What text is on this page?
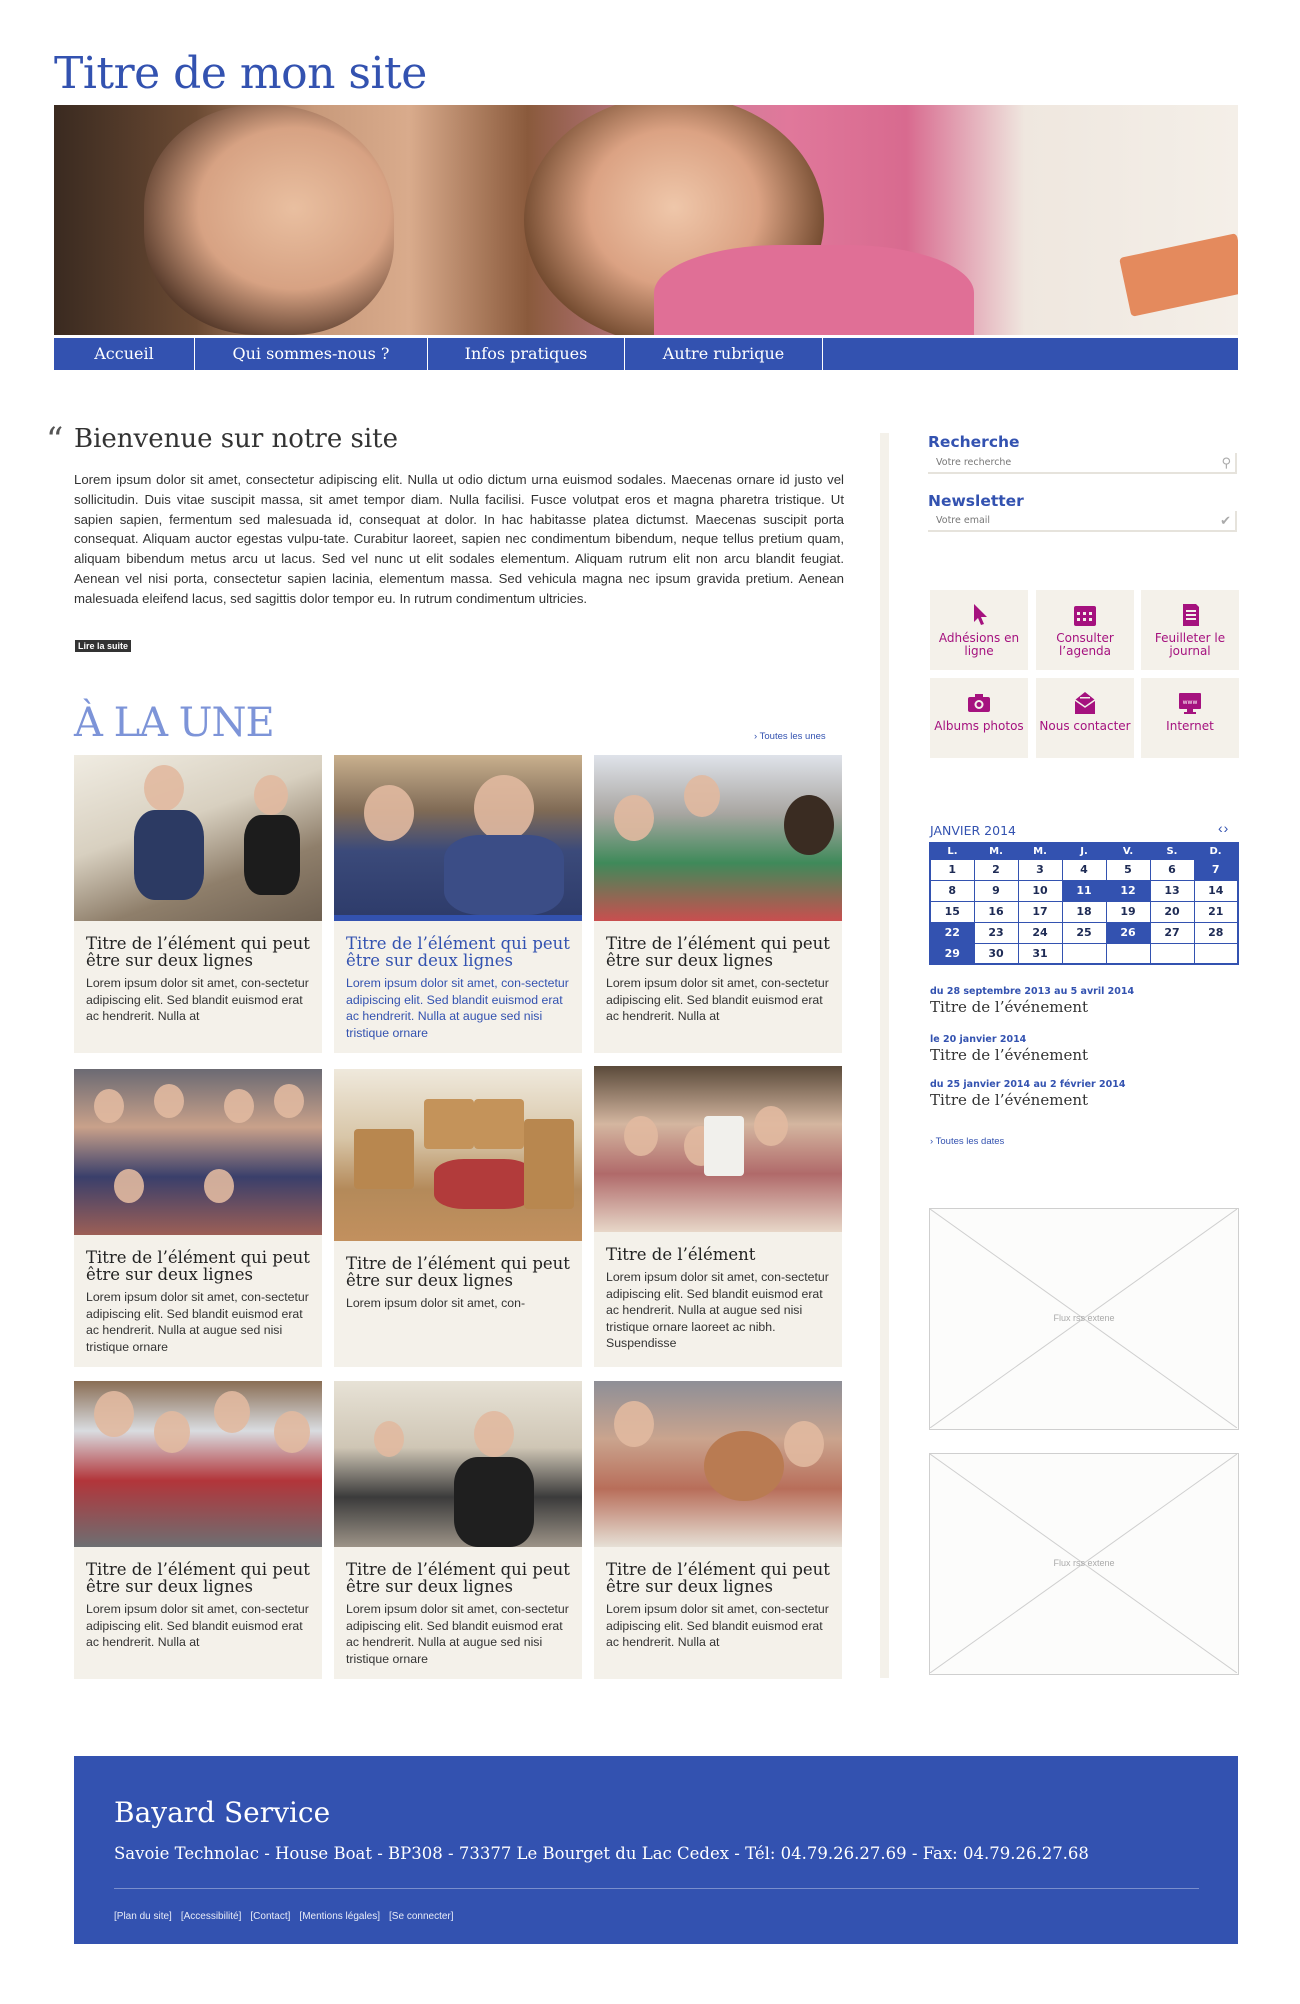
Titre de mon site
Accueil	Qui sommes-nous ?	Infos pratiques	Autre rubrique
“ Bienvenue sur notre site

Lorem ipsum dolor sit amet, consectetur adipiscing elit. Nulla ut odio dictum urna euismod sodales. Maecenas ornare id justo vel sollicitudin. Duis vitae suscipit massa, sit amet tempor diam. Nulla facilisi. Fusce volutpat eros et magna pharetra tristique. Ut sapien sapien, fermentum sed malesuada id, consequat at dolor. In hac habitasse platea dictumst. Maecenas suscipit porta consequat. Aliquam auctor egestas vulpu-tate. Curabitur laoreet, sapien nec condimentum bibendum, neque tellus pretium quam, aliquam bibendum metus arcu ut lacus. Sed vel nunc ut elit sodales elementum. Aliquam rutrum elit non arcu blandit feugiat. Aenean vel nisi porta, consectetur sapien lacinia, elementum massa. Sed vehicula magna nec ipsum gravida pretium. Aenean malesuada eleifend lacus, sed sagittis dolor tempor eu. In rutrum condimentum ultricies.

Lire la suite
À LA UNE	› Toutes les unes
Titre de l’élément qui peut être sur deux lignes
Lorem ipsum dolor sit amet, con-sectetur adipiscing elit. Sed blandit euismod erat ac hendrerit. Nulla at
Titre de l’élément qui peut être sur deux lignes
Lorem ipsum dolor sit amet, con-sectetur adipiscing elit. Sed blandit euismod erat ac hendrerit. Nulla at augue sed nisi tristique ornare
Titre de l’élément qui peut être sur deux lignes
Lorem ipsum dolor sit amet, con-sectetur adipiscing elit. Sed blandit euismod erat ac hendrerit. Nulla at
Titre de l’élément qui peut être sur deux lignes
Lorem ipsum dolor sit amet, con-sectetur adipiscing elit. Sed blandit euismod erat ac hendrerit. Nulla at augue sed nisi tristique ornare
Titre de l’élément qui peut être sur deux lignes
Lorem ipsum dolor sit amet, con-
Titre de l’élément
Lorem ipsum dolor sit amet, con-sectetur adipiscing elit. Sed blandit euismod erat ac hendrerit. Nulla at augue sed nisi tristique ornare laoreet ac nibh. Suspendisse
Titre de l’élément qui peut être sur deux lignes
Lorem ipsum dolor sit amet, con-sectetur adipiscing elit. Sed blandit euismod erat ac hendrerit. Nulla at
Titre de l’élément qui peut être sur deux lignes
Lorem ipsum dolor sit amet, con-sectetur adipiscing elit. Sed blandit euismod erat ac hendrerit. Nulla at augue sed nisi tristique ornare
Titre de l’élément qui peut être sur deux lignes
Lorem ipsum dolor sit amet, con-sectetur adipiscing elit. Sed blandit euismod erat ac hendrerit. Nulla at
Recherche
Votre recherche	⚲
Newsletter
Votre email	✔
Adhésions en ligne
Consulter l’agenda
Feuilleter le journal
Albums photos	Nous contacter
www
Internet
JANVIER 2014	‹›
L.	M.	M.	J.	V.	S.	D.
1	2	3	4	5	6	7
8	9	10	11	12	13	14
15	16	17	18	19	20	21
22	23	24	25	26	27	28
29	30	31				
du 28 septembre 2013 au 5 avril 2014
Titre de l’événement
le 20 janvier 2014
Titre de l’événement
du 25 janvier 2014 au 2 février 2014
Titre de l’événement
› Toutes les dates
Flux rss extene
Flux rss extene
Bayard Service
Savoie Technolac - House Boat - BP308 - 73377 Le Bourget du Lac Cedex - Tél: 04.79.26.27.69 - Fax: 04.79.26.27.68
[Plan du site] [Accessibilité] [Contact] [Mentions légales] [Se connecter]
